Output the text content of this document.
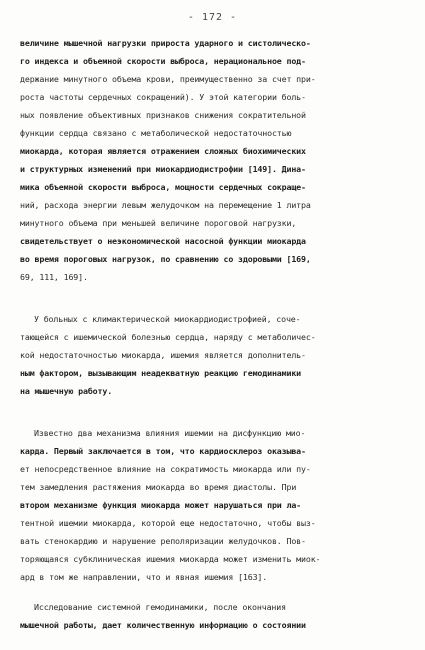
- 172 -
величине мышечной нагрузки прироста ударного и систолическо-
го индекса и объемной скорости выброса, нерациональное под-
держание минутного объема крови, преимущественно за счет при-
роста частоты сердечных сокращений). У этой категории боль-
ных появление объективных признаков снижения сократительной
функции сердца связано с метаболической недостаточностью
миокарда, которая является отражением сложных биохимических
и структурных изменений при миокардиодистрофии [149]. Дина-
мика объемной скорости выброса, мощности сердечных сокраще-
ний, расхода энергии левым желудочком на перемещение 1 литра
минутного объема при меньшей величине пороговой нагрузки,
свидетельствует о неэкономической насосной функции миокарда
во время пороговых нагрузок, по сравнению со здоровыми [169,
69, 111, 169].
У больных с климактерической миокардиодистрофией, сочe-
тающейся с ишемической болезнью сердца, наряду с метаболичес-
кой недостаточностью миокарда, ишемия является дополнитель-
ным фактором, вызывающим неадекватную реакцию гемодинамики
на мышечную работу.
Известно два механизма влияния ишемии на дисфункцию мио-
карда. Первый заключается в том, что кардиосклероз оказыва-
ет непосредственное влияние на сократимость миокарда или пу-
тем замедления растяжения миокарда во время диастолы. При
втором механизме функция миокарда может нарушаться при ла-
тентной ишемии миокарда, которой еще недостаточно, чтобы выз-
вать стенокардию и нарушение реполяризации желудочков. Пов-
торяющаяся субклиническая ишемия миокарда может изменить миок-
ард в том же направлении, что и явная ишемия [163].
Исследование системной гемодинамики, после окончания
мышечной работы, дает количественную информацию о состоянии
